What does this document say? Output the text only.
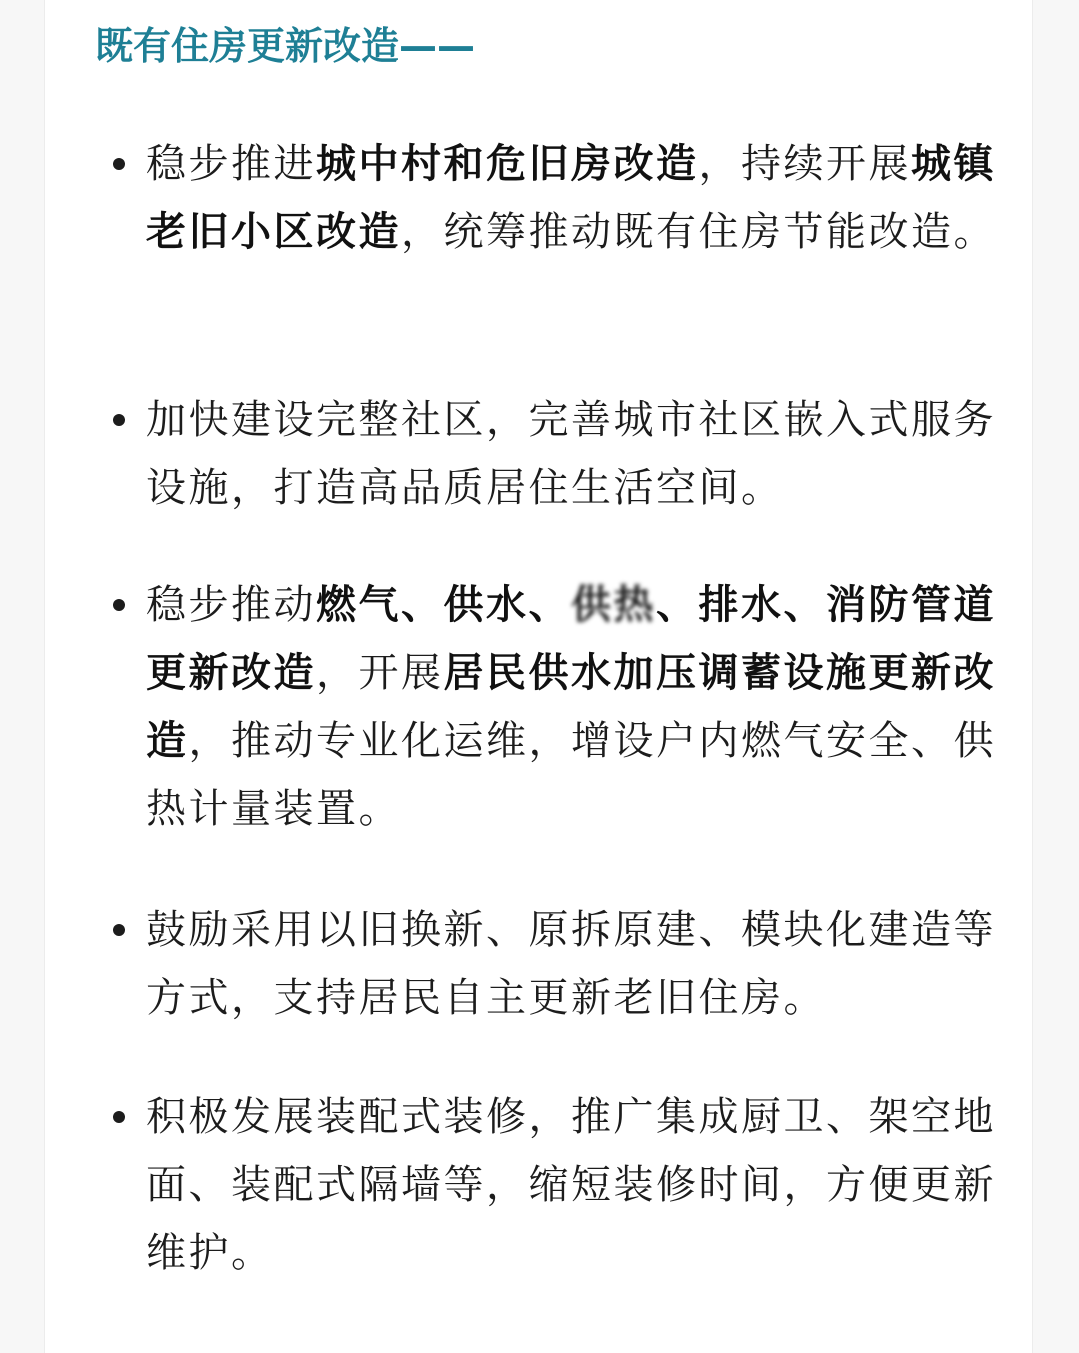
既有住房更新改造——
稳步推进城中村和危旧房改造，持续开展城镇老旧小区改造，统筹推动既有住房节能改造。
加快建设完整社区，完善城市社区嵌入式服务设施，打造高品质居住生活空间。
稳步推动燃气、供水、供热、排水、消防管道更新改造，开展居民供水加压调蓄设施更新改造，推动专业化运维，增设户内燃气安全、供热计量装置。
鼓励采用以旧换新、原拆原建、模块化建造等方式，支持居民自主更新老旧住房。
积极发展装配式装修，推广集成厨卫、架空地面、装配式隔墙等，缩短装修时间，方便更新维护。
